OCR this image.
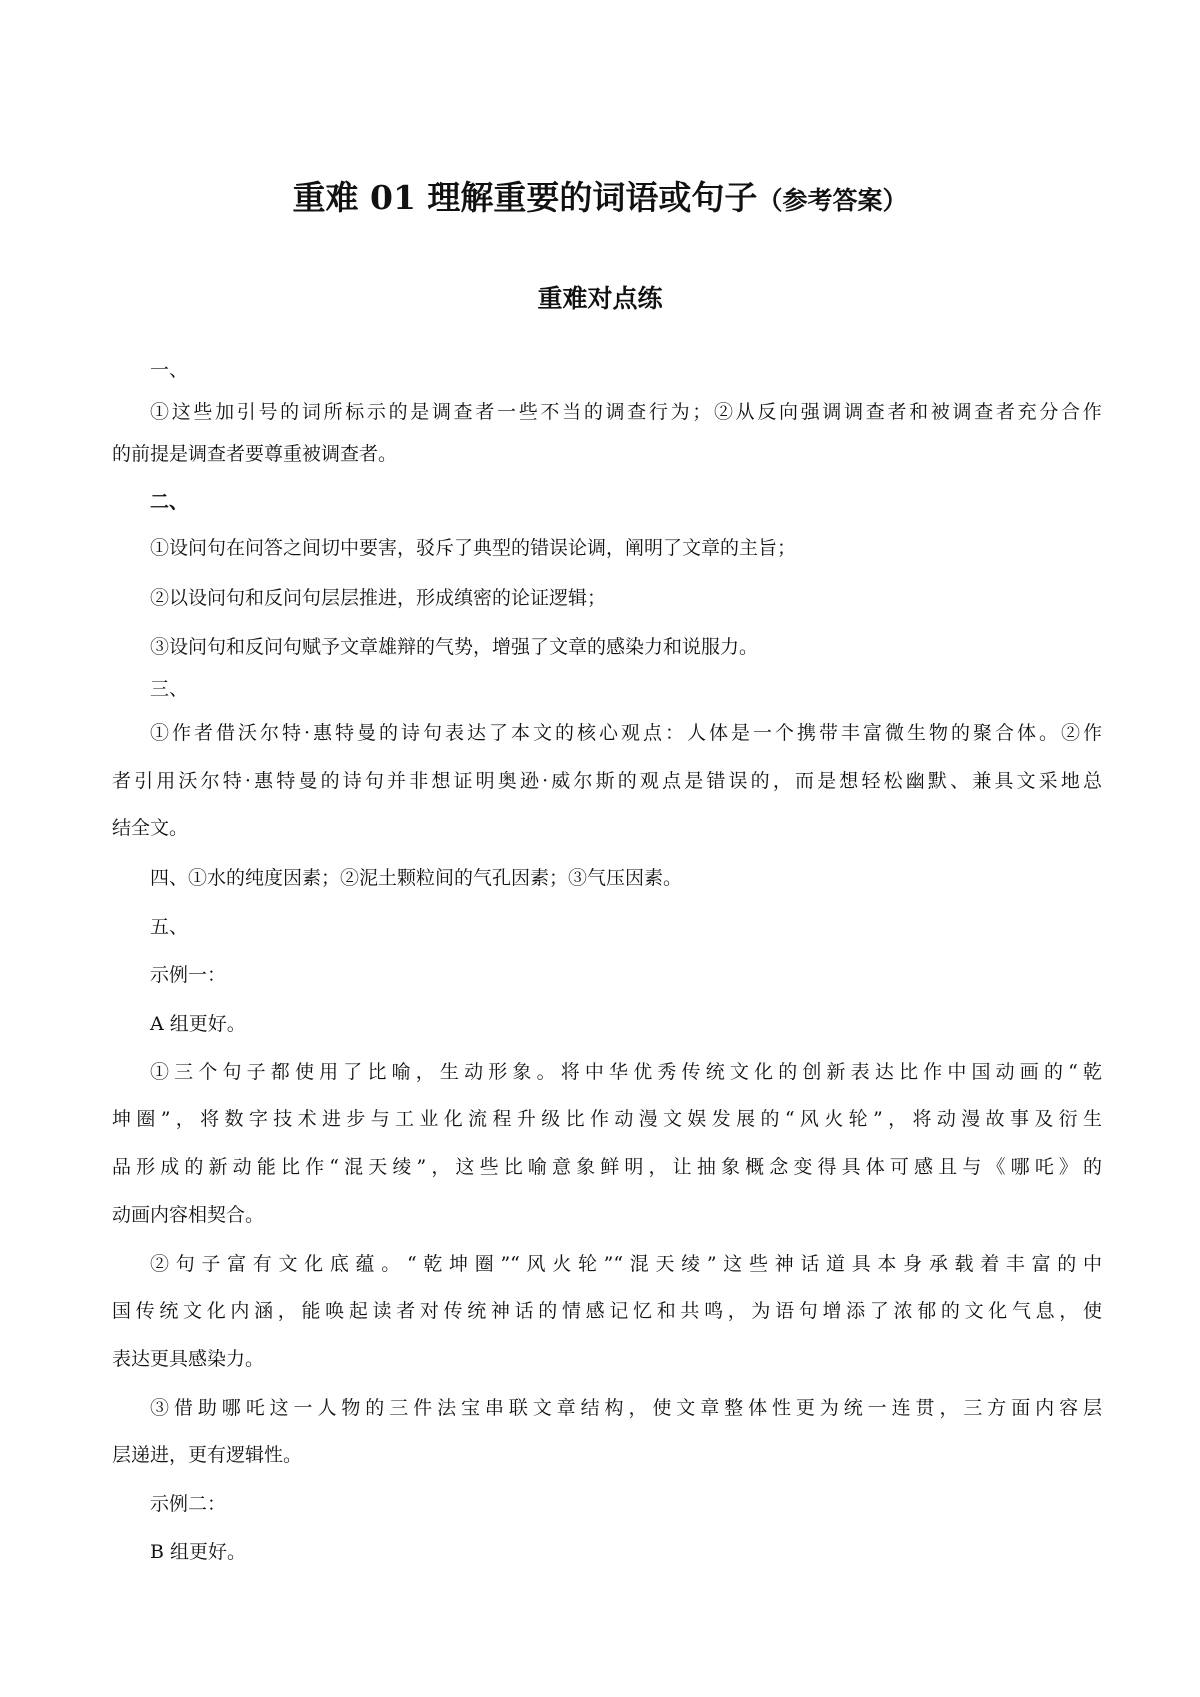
重难 01 理解重要的词语或句子（参考答案）
重难对点练
一、
①这些加引号的词所标示的是调查者一些不当的调查行为；②从反向强调调查者和被调查者充分合作
的前提是调查者要尊重被调查者。
二、
①设问句在问答之间切中要害，驳斥了典型的错误论调，阐明了文章的主旨；
②以设问句和反问句层层推进，形成缜密的论证逻辑；
③设问句和反问句赋予文章雄辩的气势，增强了文章的感染力和说服力。
三、
①作者借沃尔特·惠特曼的诗句表达了本文的核心观点：人体是一个携带丰富微生物的聚合体。②作
者引用沃尔特·惠特曼的诗句并非想证明奥逊·威尔斯的观点是错误的，而是想轻松幽默、兼具文采地总
结全文。
四、①水的纯度因素；②泥土颗粒间的气孔因素；③气压因素。
五、
示例一：
A 组更好。
①三个句子都使用了比喻，生动形象。将中华优秀传统文化的创新表达比作中国动画的“乾
坤圈”，将数字技术进步与工业化流程升级比作动漫文娱发展的“风火轮”，将动漫故事及衍生
品形成的新动能比作“混天绫”，这些比喻意象鲜明，让抽象概念变得具体可感且与《哪吒》的
动画内容相契合。
②句子富有文化底蕴。“乾坤圈”“风火轮”“混天绫”这些神话道具本身承载着丰富的中
国传统文化内涵，能唤起读者对传统神话的情感记忆和共鸣，为语句增添了浓郁的文化气息，使
表达更具感染力。
③借助哪吒这一人物的三件法宝串联文章结构，使文章整体性更为统一连贯，三方面内容层
层递进，更有逻辑性。
示例二：
B 组更好。
